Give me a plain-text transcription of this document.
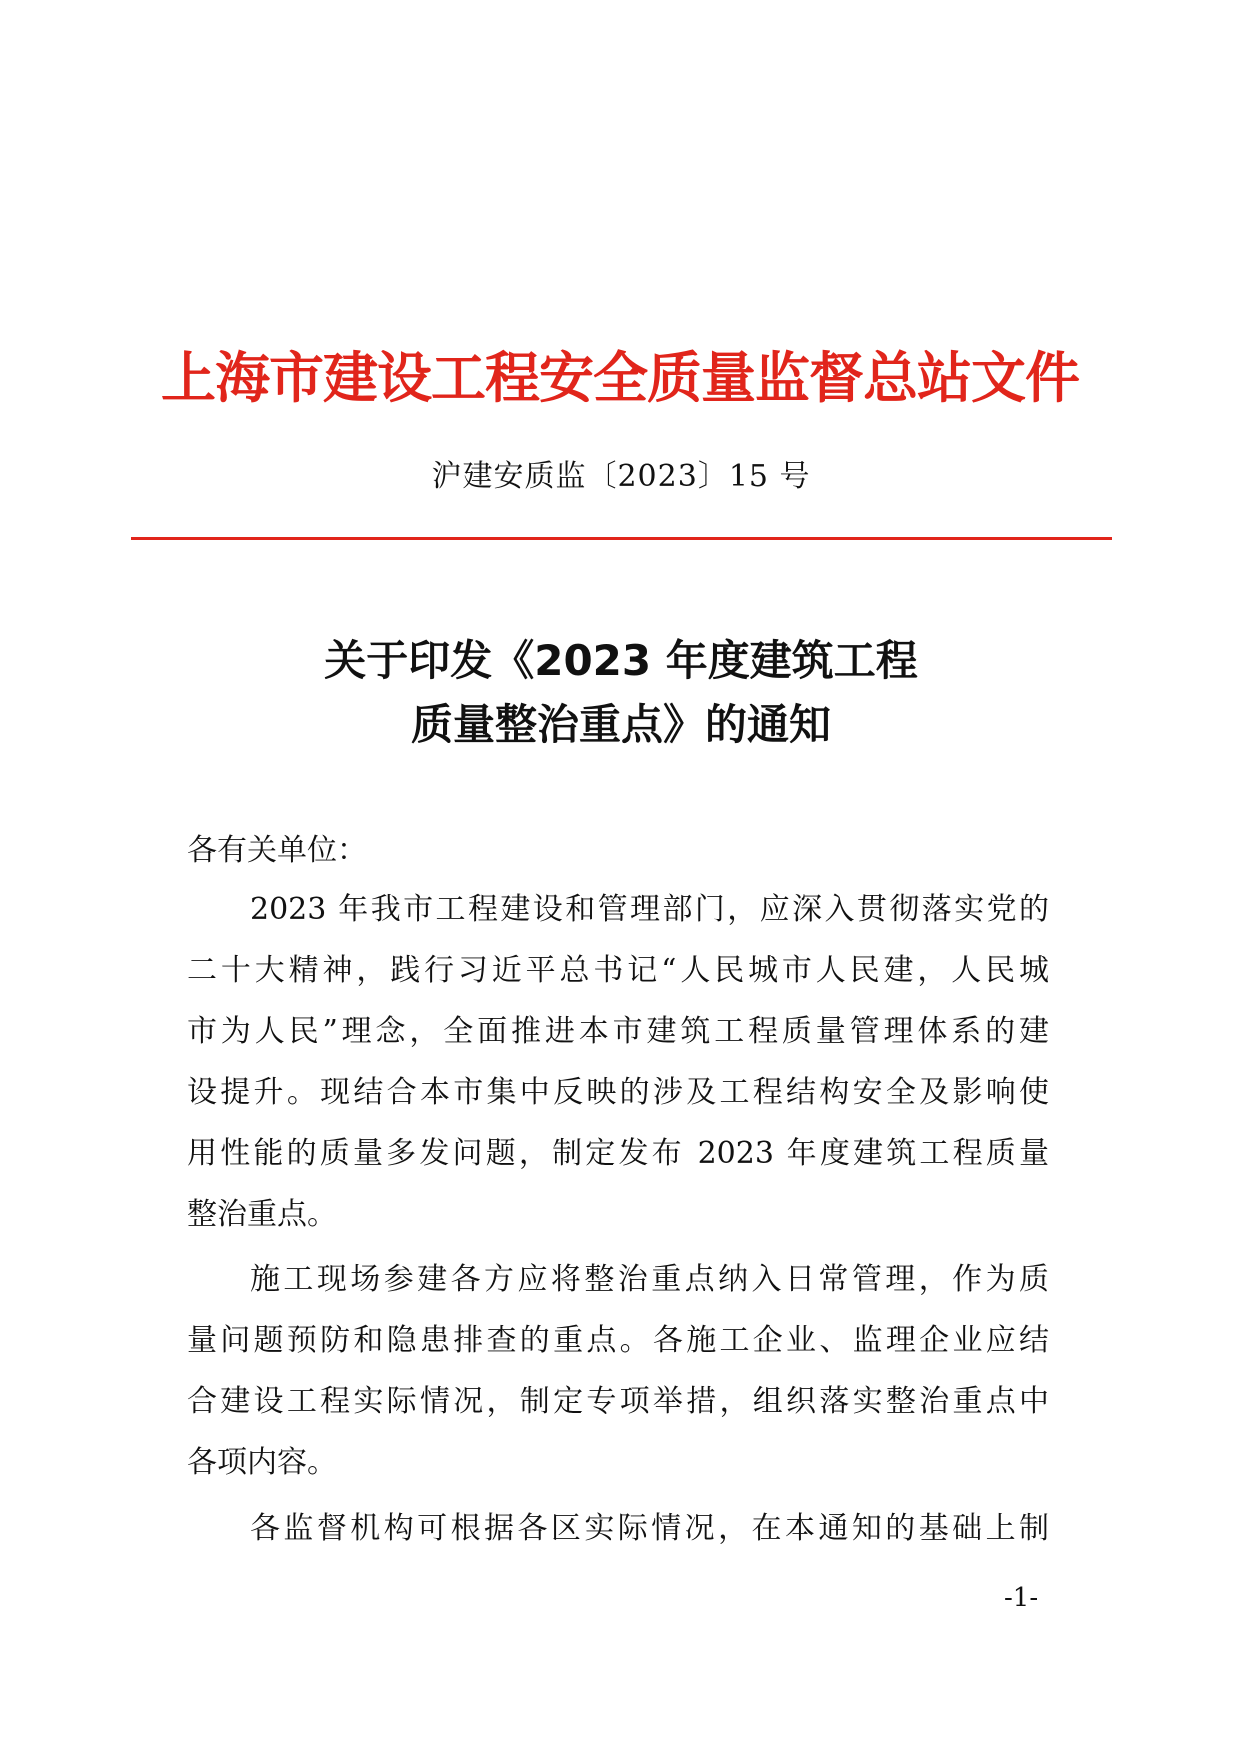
上海市建设工程安全质量监督总站文件
沪建安质监〔2023〕15 号
关于印发《2023 年度建筑工程
质量整治重点》的通知
各有关单位：
2023 年我市工程建设和管理部门，应深入贯彻落实党的
二十大精神，践行习近平总书记“人民城市人民建，人民城
市为人民”理念，全面推进本市建筑工程质量管理体系的建
设提升。现结合本市集中反映的涉及工程结构安全及影响使
用性能的质量多发问题，制定发布 2023 年度建筑工程质量
整治重点。
施工现场参建各方应将整治重点纳入日常管理，作为质
量问题预防和隐患排查的重点。各施工企业、监理企业应结
合建设工程实际情况，制定专项举措，组织落实整治重点中
各项内容。
各监督机构可根据各区实际情况，在本通知的基础上制
-1-
